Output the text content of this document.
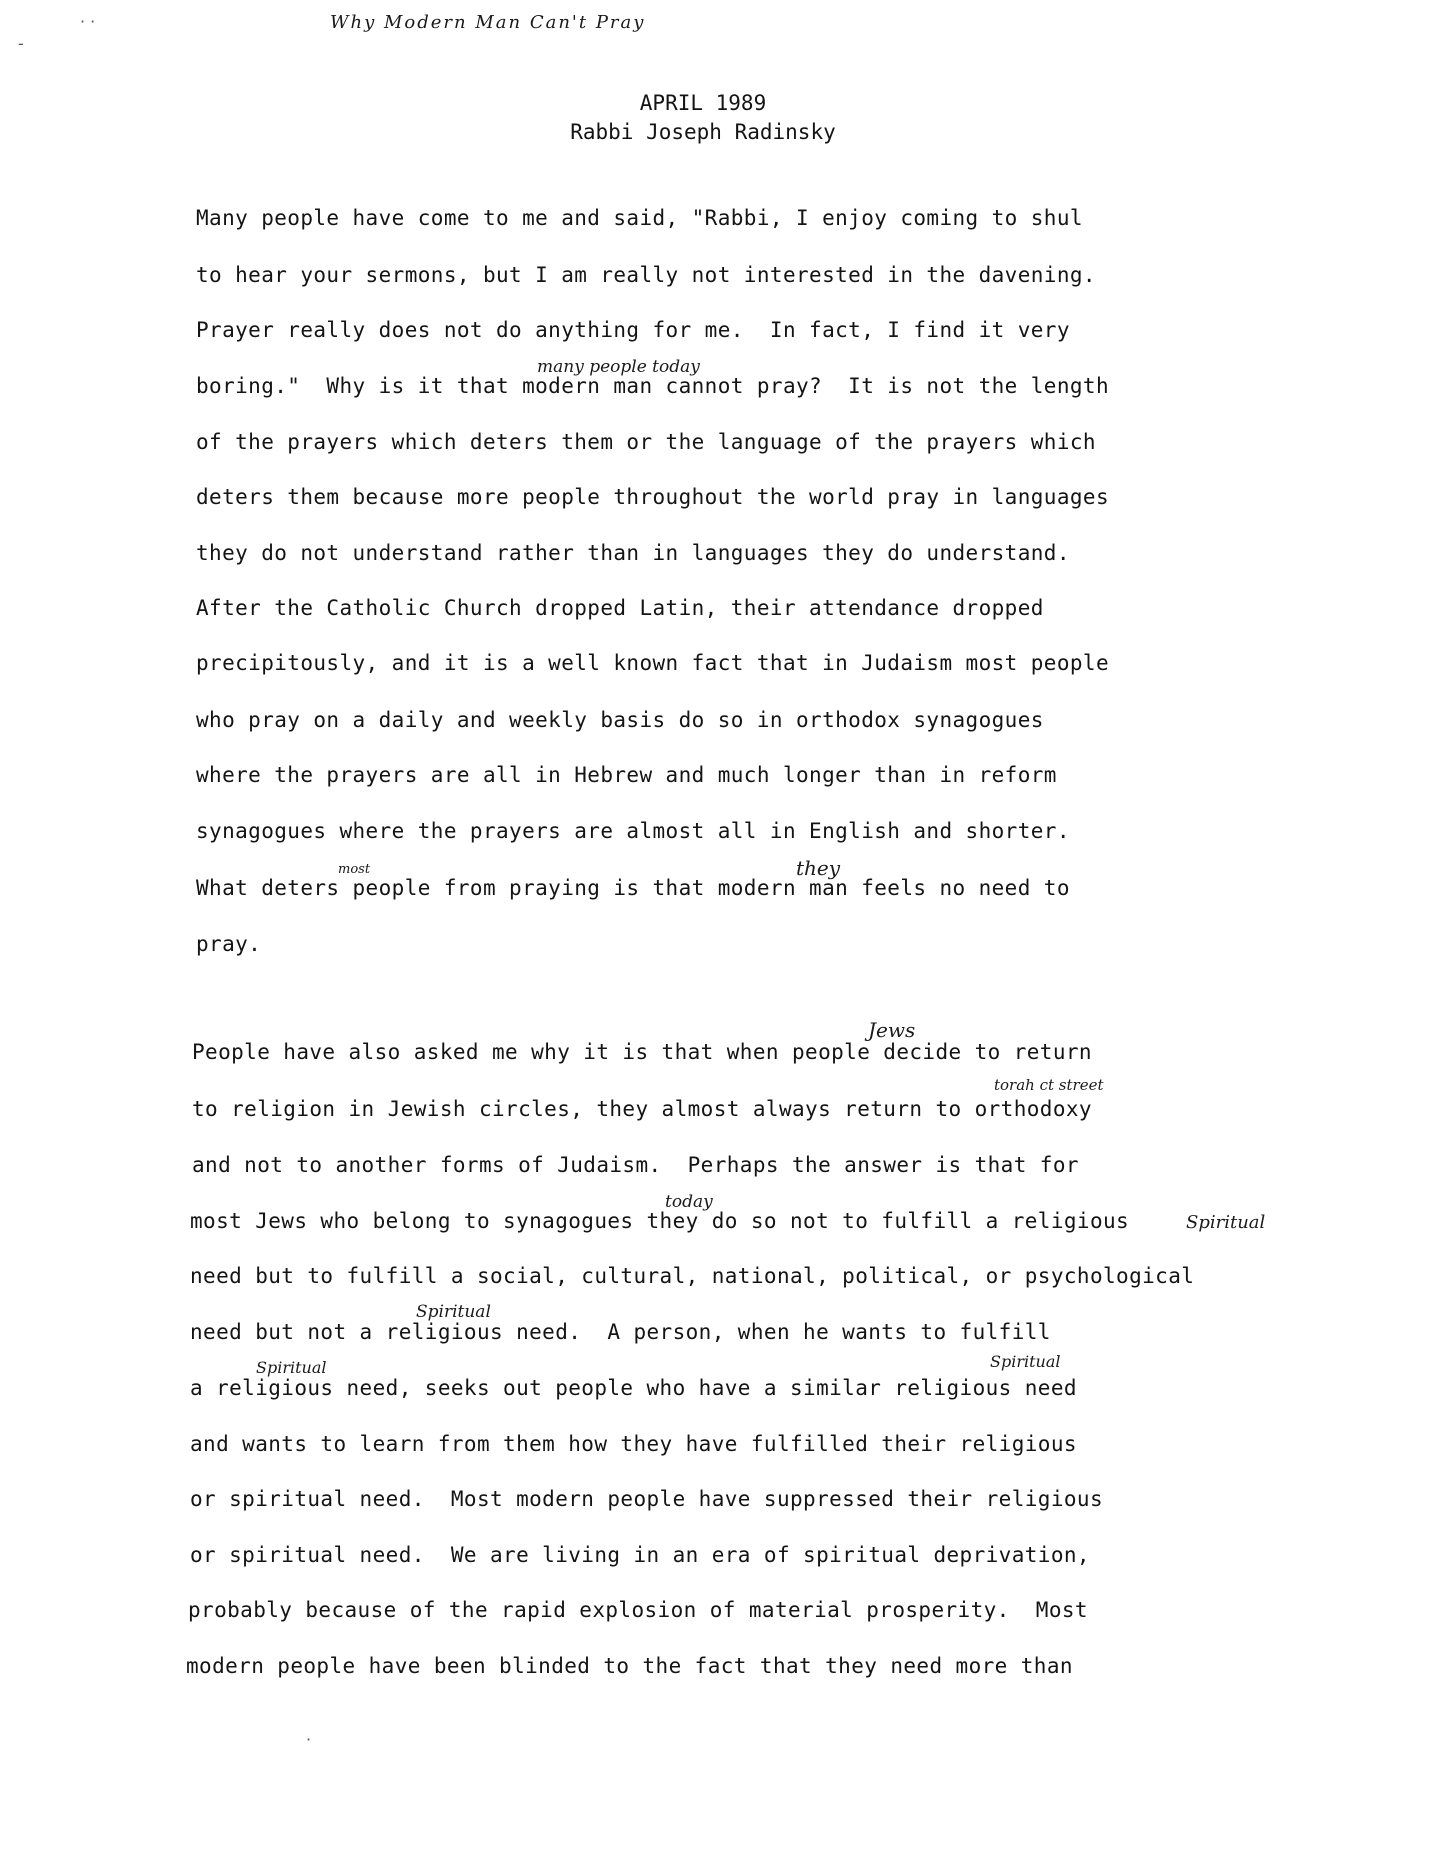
· ·
-
Why Modern Man Can't Pray
APRIL 1989
Rabbi Joseph Radinsky
Many people have come to me and said, "Rabbi, I enjoy coming to shul
to hear your sermons, but I am really not interested in the davening.
Prayer really does not do anything for me.  In fact, I find it very
boring."  Why is it that modern man cannot pray?  It is not the length
of the prayers which deters them or the language of the prayers which
deters them because more people throughout the world pray in languages
they do not understand rather than in languages they do understand.
After the Catholic Church dropped Latin, their attendance dropped
precipitously, and it is a well known fact that in Judaism most people
who pray on a daily and weekly basis do so in orthodox synagogues
where the prayers are all in Hebrew and much longer than in reform
synagogues where the prayers are almost all in English and shorter.
What deters people from praying is that modern man feels no need to
pray.
many people today
most	they
People have also asked me why it is that when people decide to return
to religion in Jewish circles, they almost always return to orthodoxy
and not to another forms of Judaism.  Perhaps the answer is that for
most Jews who belong to synagogues they do so not to fulfill a religious
need but to fulfill a social, cultural, national, political, or psychological
need but not a religious need.  A person, when he wants to fulfill
a religious need, seeks out people who have a similar religious need
and wants to learn from them how they have fulfilled their religious
or spiritual need.  Most modern people have suppressed their religious
or spiritual need.  We are living in an era of spiritual deprivation,
probably because of the rapid explosion of material prosperity.  Most
modern people have been blinded to the fact that they need more than
Jews
torah ct street
today
Spiritual
Spiritual
Spiritual	Spiritual
·
